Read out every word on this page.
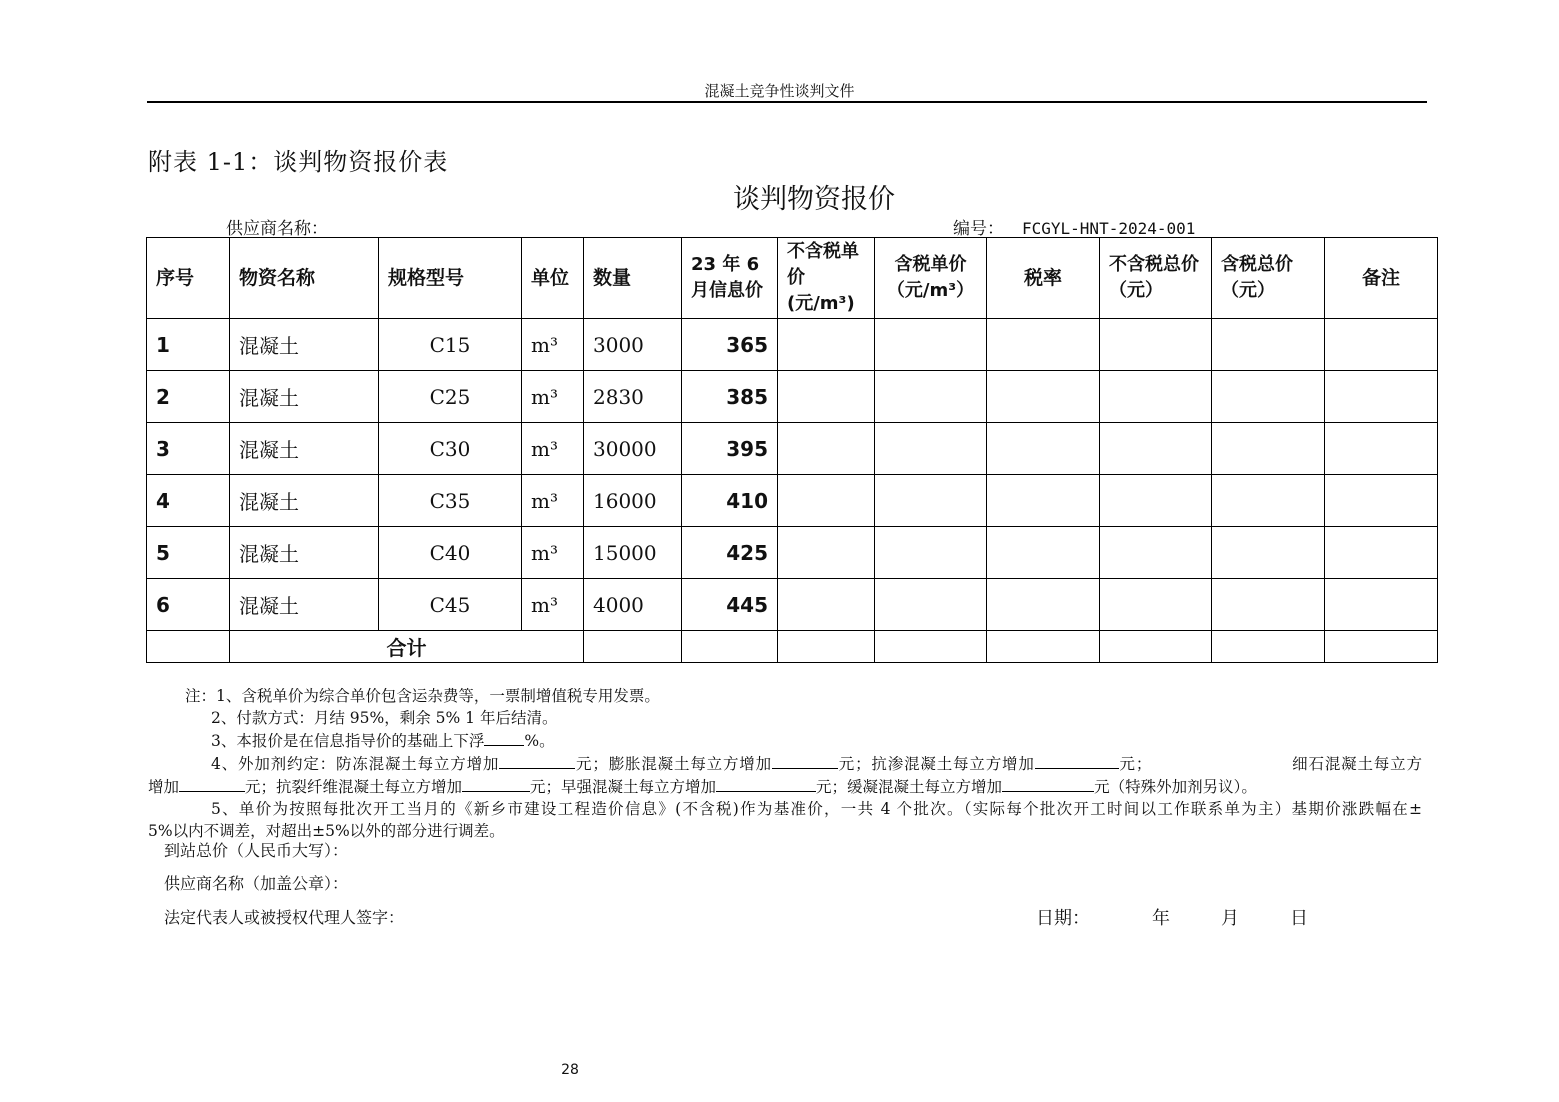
混凝土竞争性谈判文件
附表 1-1：谈判物资报价表
谈判物资报价
供应商名称：	编号： FCGYL-HNT-2024-001
序号	物资名称	规格型号	单位	数量	23 年 6 月信息价	不含税单价(元/m³)	含税单价（元/m³）	税率	不含税总价（元）	含税总价（元）	备注
1	混凝土	C15	m³	3000	365						
2	混凝土	C25	m³	2830	385						
3	混凝土	C30	m³	30000	395						
4	混凝土	C35	m³	16000	410						
5	混凝土	C40	m³	15000	425						
6	混凝土	C45	m³	4000	445						
	合计										

注：1、含税单价为综合单价包含运杂费等，一票制增值税专用发票。

2、付款方式：月结 95%，剩余 5% 1 年后结清。

3、本报价是在信息指导价的基础上下浮	%。

4、外加剂约定：防冻混凝土每立方增加	元；膨胀混凝土每立方增加	元；抗渗混凝土每立方增加	元；	细石混凝土每立方

增加	元；抗裂纤维混凝土每立方增加	元；早强混凝土每立方增加	元；缓凝混凝土每立方增加	元（特殊外加剂另议）。

5、单价为按照每批次开工当月的《新乡市建设工程造价信息》(不含税)作为基准价，一共 4 个批次。（实际每个批次开工时间以工作联系单为主）基期价涨跌幅在±

5%以内不调差，对超出±5%以外的部分进行调差。

到站总价（人民币大写）：
供应商名称（加盖公章）：
法定代表人或被授权代理人签字：	日期：	年	月	日
28
